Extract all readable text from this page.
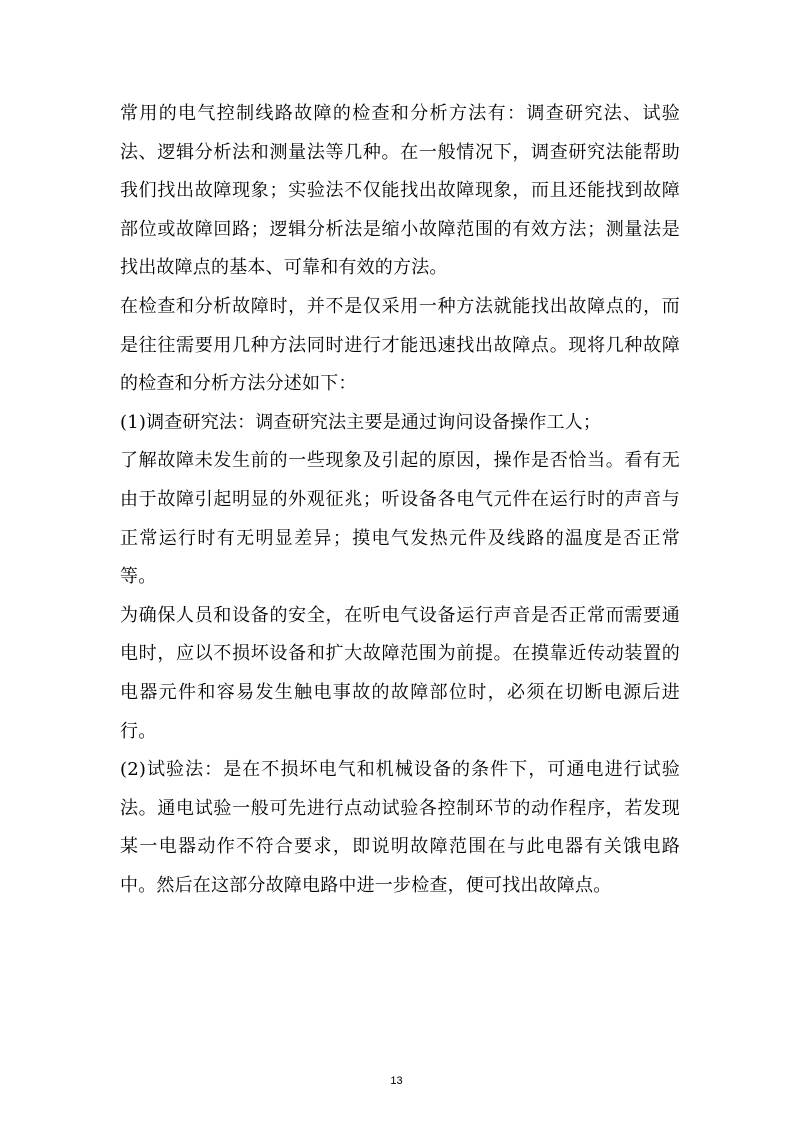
常用的电气控制线路故障的检查和分析方法有：调查研究法、试验法、逻辑分析法和测量法等几种。在一般情况下，调查研究法能帮助我们找出故障现象；实验法不仅能找出故障现象，而且还能找到故障部位或故障回路；逻辑分析法是缩小故障范围的有效方法；测量法是找出故障点的基本、可靠和有效的方法。

在检查和分析故障时，并不是仅采用一种方法就能找出故障点的，而是往往需要用几种方法同时进行才能迅速找出故障点。现将几种故障的检查和分析方法分述如下：

(1)调查研究法：调查研究法主要是通过询问设备操作工人；

了解故障未发生前的一些现象及引起的原因，操作是否恰当。看有无由于故障引起明显的外观征兆；听设备各电气元件在运行时的声音与正常运行时有无明显差异；摸电气发热元件及线路的温度是否正常等。

为确保人员和设备的安全，在听电气设备运行声音是否正常而需要通电时，应以不损坏设备和扩大故障范围为前提。在摸靠近传动装置的电器元件和容易发生触电事故的故障部位时，必须在切断电源后进行。

(2)试验法：是在不损坏电气和机械设备的条件下，可通电进行试验法。通电试验一般可先进行点动试验各控制环节的动作程序，若发现某一电器动作不符合要求，即说明故障范围在与此电器有关饿电路中。然后在这部分故障电路中进一步检查，便可找出故障点。

13
